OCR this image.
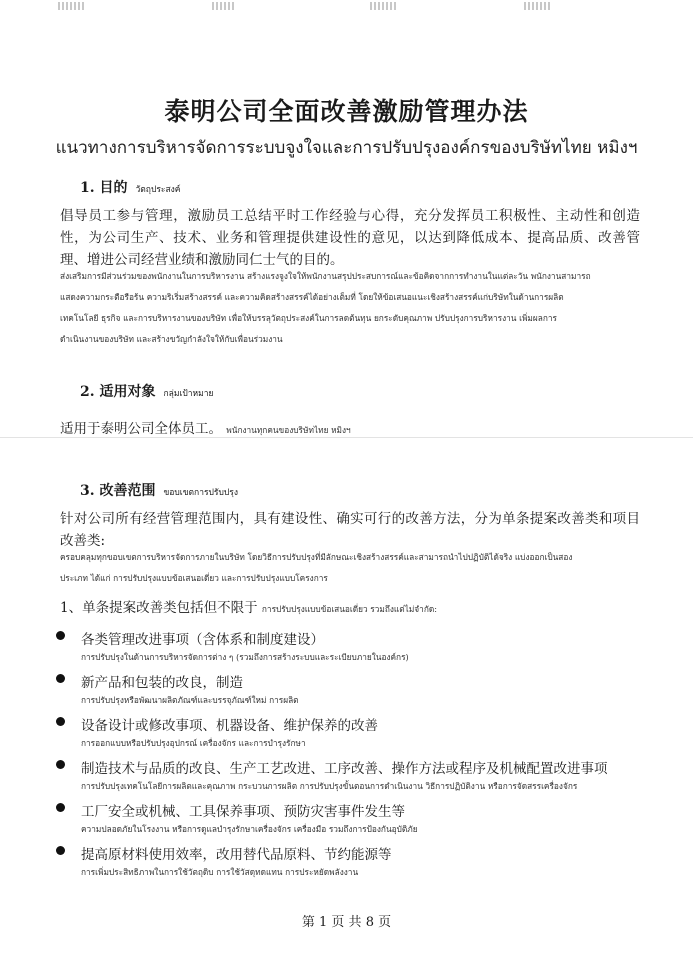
泰明公司全面改善激励管理办法
แนวทางการบริหารจัดการระบบจูงใจและการปรับปรุงองค์กรของบริษัทไทย หมิงฯ
1. 目的 วัตถุประสงค์
倡导员工参与管理，激励员工总结平时工作经验与心得，充分发挥员工积极性、主动性和创造性，为公司生产、技术、业务和管理提供建设性的意见，以达到降低成本、提高品质、改善管理、增进公司经营业绩和激励同仁士气的目的。
ส่งเสริมการมีส่วนร่วมของพนักงานในการบริหารงาน สร้างแรงจูงใจให้พนักงานสรุปประสบการณ์และข้อคิดจากการทำงานในแต่ละวัน พนักงานสามารถ
แสดงความกระตือรือร้น ความริเริ่มสร้างสรรค์ และความคิดสร้างสรรค์ได้อย่างเต็มที่ โดยให้ข้อเสนอแนะเชิงสร้างสรรค์แก่บริษัทในด้านการผลิต
เทคโนโลยี ธุรกิจ และการบริหารงานของบริษัท เพื่อให้บรรลุวัตถุประสงค์ในการลดต้นทุน ยกระดับคุณภาพ ปรับปรุงการบริหารงาน เพิ่มผลการ
ดำเนินงานของบริษัท และสร้างขวัญกำลังใจให้กับเพื่อนร่วมงาน
2. 适用对象 กลุ่มเป้าหมาย
适用于泰明公司全体员工。 พนักงานทุกคนของบริษัทไทย หมิงฯ
3. 改善范围 ขอบเขตการปรับปรุง
针对公司所有经营管理范围内，具有建设性、确实可行的改善方法，分为单条提案改善类和项目改善类:
ครอบคลุมทุกขอบเขตการบริหารจัดการภายในบริษัท โดยวิธีการปรับปรุงที่มีลักษณะเชิงสร้างสรรค์และสามารถนำไปปฏิบัติได้จริง แบ่งออกเป็นสอง
ประเภท ได้แก่ การปรับปรุงแบบข้อเสนอเดี่ยว และการปรับปรุงแบบโครงการ
1、单条提案改善类包括但不限于 การปรับปรุงแบบข้อเสนอเดี่ยว รวมถึงแต่ไม่จำกัด:
各类管理改进事项（含体系和制度建设）
การปรับปรุงในด้านการบริหารจัดการต่าง ๆ (รวมถึงการสร้างระบบและระเบียบภายในองค์กร)
新产品和包装的改良，制造
การปรับปรุงหรือพัฒนาผลิตภัณฑ์และบรรจุภัณฑ์ใหม่ การผลิต
设备设计或修改事项、机器设备、维护保养的改善
การออกแบบหรือปรับปรุงอุปกรณ์ เครื่องจักร และการบำรุงรักษา
制造技术与品质的改良、生产工艺改进、工序改善、操作方法或程序及机械配置改进事项
การปรับปรุงเทคโนโลยีการผลิตและคุณภาพ กระบวนการผลิต การปรับปรุงขั้นตอนการดำเนินงาน วิธีการปฏิบัติงาน หรือการจัดสรรเครื่องจักร
工厂安全或机械、工具保养事项、预防灾害事件发生等
ความปลอดภัยในโรงงาน หรือการดูแลบำรุงรักษาเครื่องจักร เครื่องมือ รวมถึงการป้องกันอุบัติภัย
提高原材料使用效率，改用替代品原料、节约能源等
การเพิ่มประสิทธิภาพในการใช้วัตถุดิบ การใช้วัสดุทดแทน การประหยัดพลังงาน
第 1 页 共 8 页
